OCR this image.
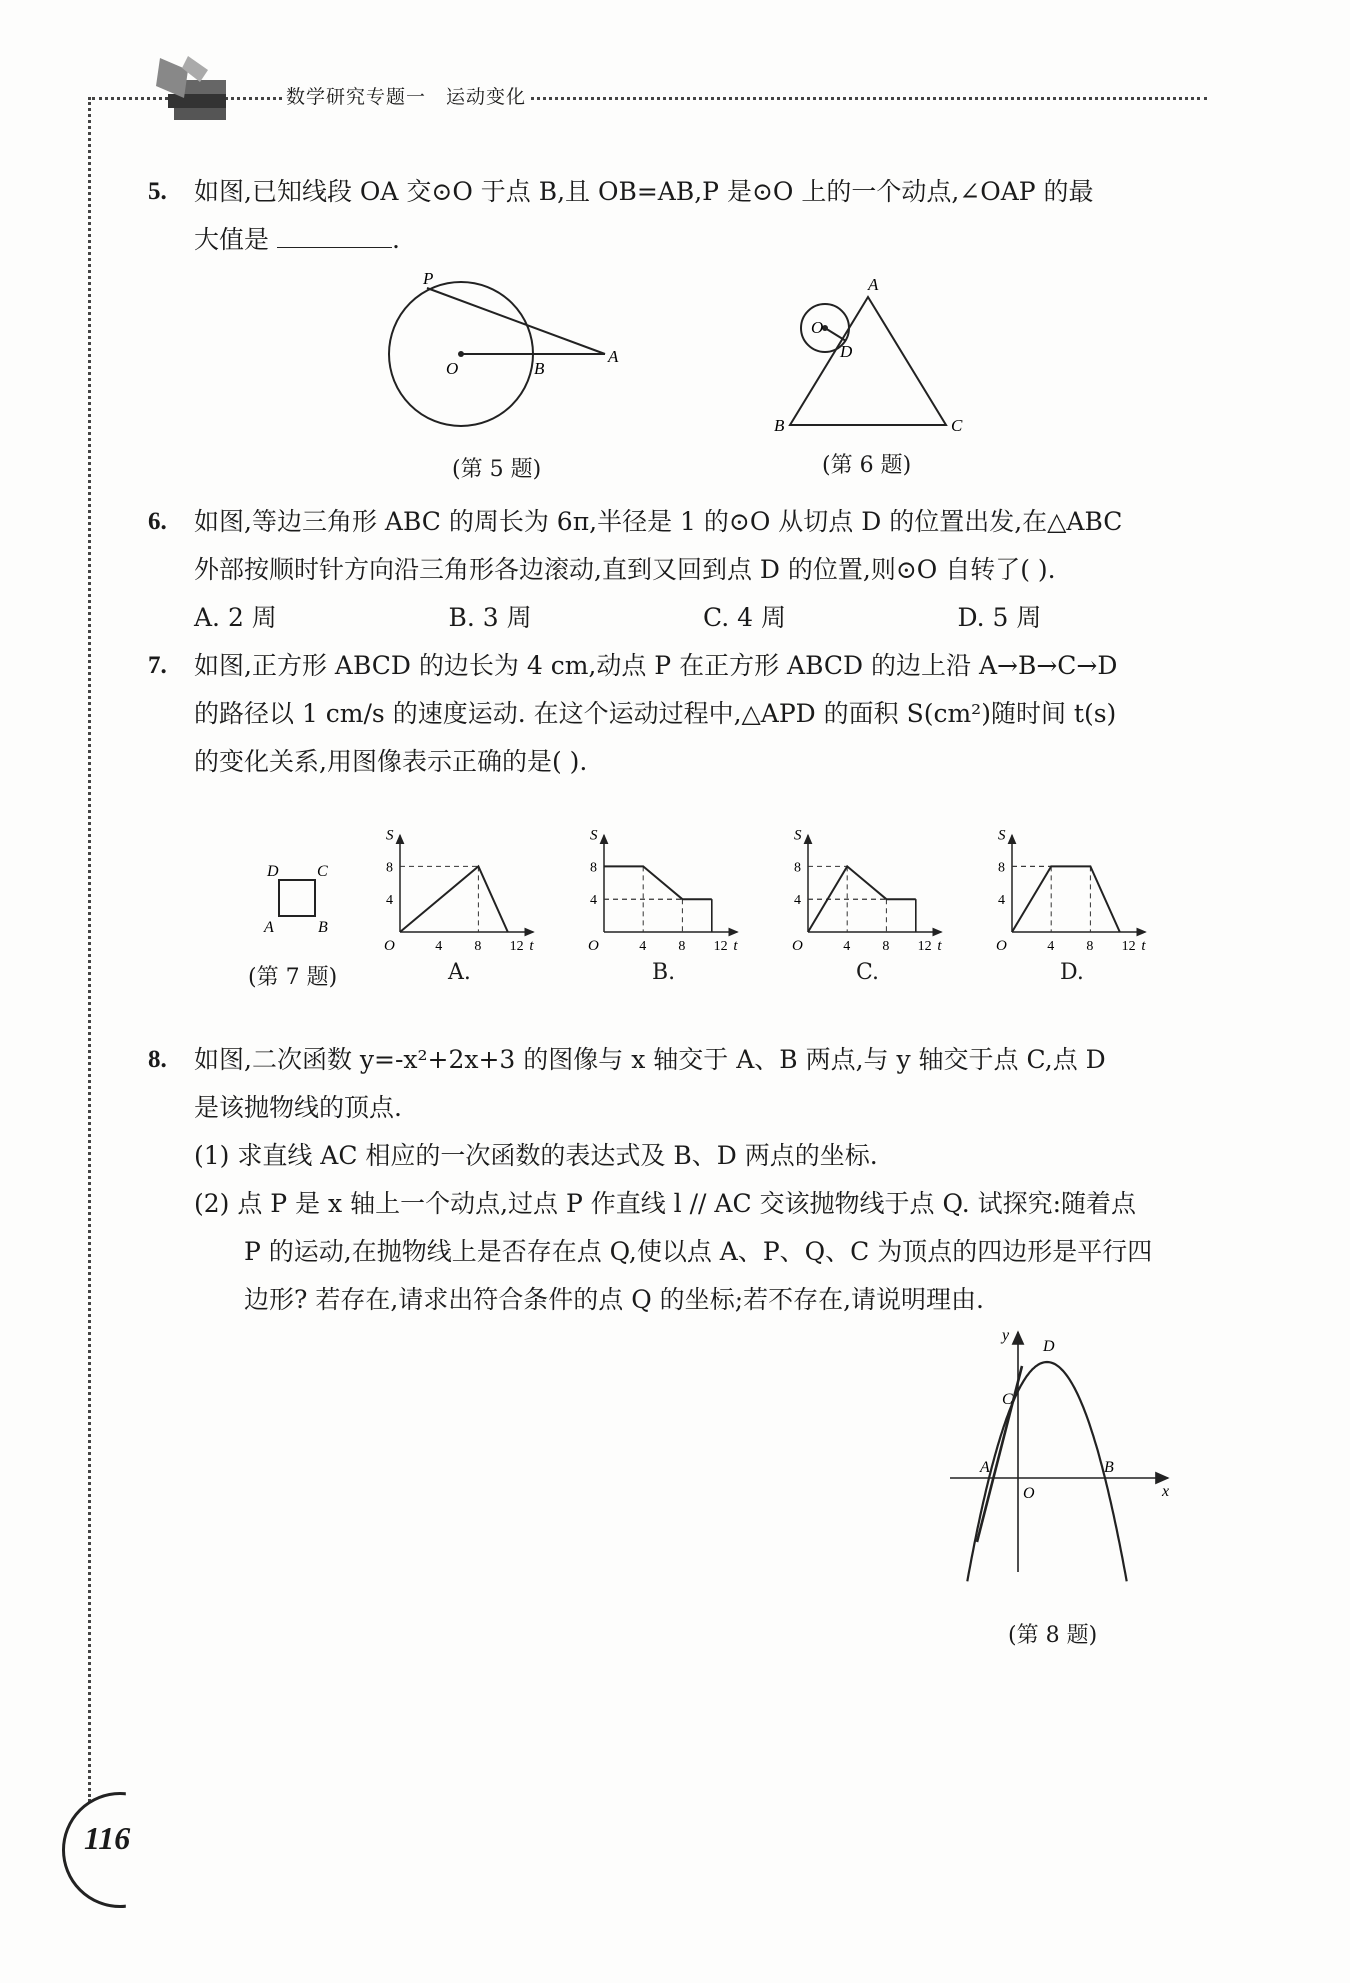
数学研究专题一 运动变化
5.	如图,已知线段 OA 交⊙O 于点 B,且 OB=AB,P 是⊙O 上的一个动点,∠OAP 的最
大值是	.
P
O	B
A
(第 5 题)
A
O
D
B	C
(第 6 题)
6.	如图,等边三角形 ABC 的周长为 6π,半径是 1 的⊙O 从切点 D 的位置出发,在△ABC
外部按顺时针方向沿三角形各边滚动,直到又回到点 D 的位置,则⊙O 自转了( ).
A. 2 周	B. 3 周	C. 4 周	D. 5 周
7.	如图,正方形 ABCD 的边长为 4 cm,动点 P 在正方形 ABCD 的边上沿 A→B→C→D
的路径以 1 cm/s 的速度运动. 在这个运动过程中,△APD 的面积 S(cm²)随时间 t(s)
的变化关系,用图像表示正确的是( ).
D C
A	B
(第 7 题)
S
t
O	4 8 12
4
8
A.
S
t
O	4 8 12
4
8
B.
S
t
O	4 8 12
4
8
C.
S
t
O	4 8 12
4
8
D.
8.	如图,二次函数 y=-x²+2x+3 的图像与 x 轴交于 A、B 两点,与 y 轴交于点 C,点 D
是该抛物线的顶点.
(1) 求直线 AC 相应的一次函数的表达式及 B、D 两点的坐标.
(2) 点 P 是 x 轴上一个动点,过点 P 作直线 l // AC 交该抛物线于点 Q. 试探究:随着点
P 的运动,在抛物线上是否存在点 Q,使以点 A、P、Q、C 为顶点的四边形是平行四
边形? 若存在,请求出符合条件的点 Q 的坐标;若不存在,请说明理由.
y
x
D
C
A	B
O
(第 8 题)
116
